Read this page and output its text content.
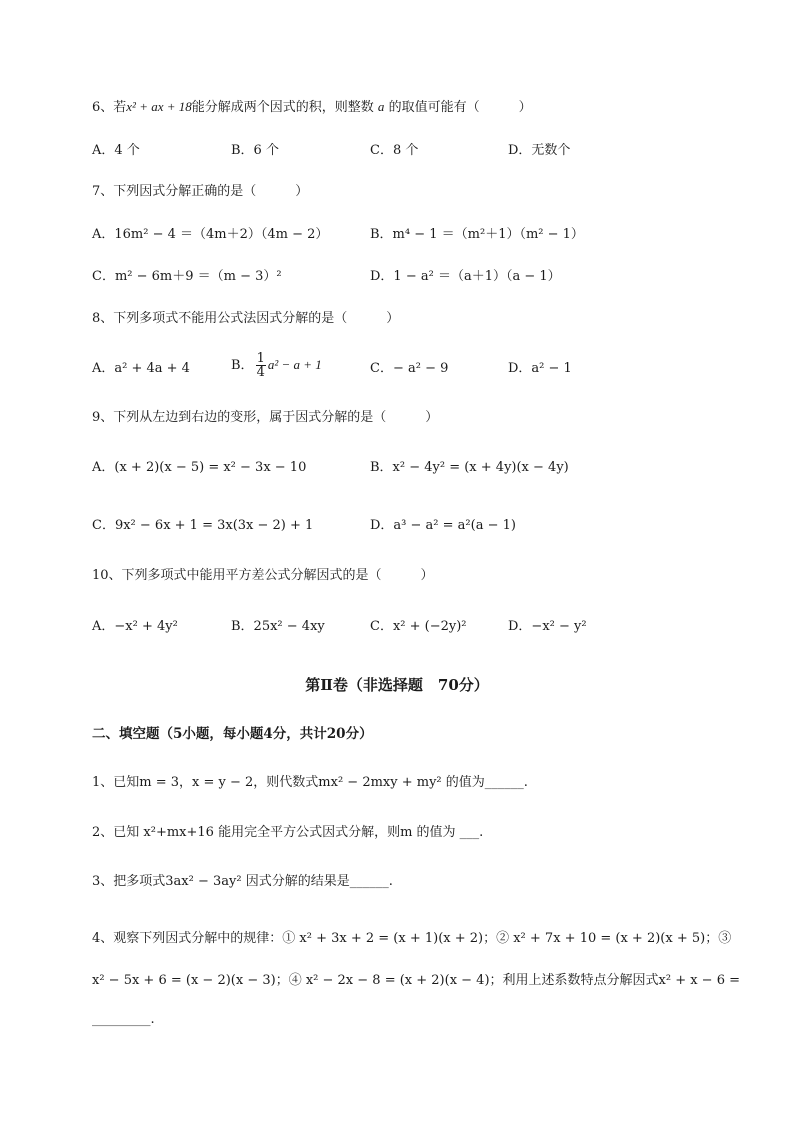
6、若x² + ax + 18能分解成两个因式的积，则整数 a 的取值可能有（　　　）
A．4 个	B．6 个	C．8 个	D．无数个
7、下列因式分解正确的是（　　　）
A．16m² − 4 ＝（4m＋2）（4m − 2）	B．m⁴ − 1 ＝（m²＋1）（m² − 1）
C．m² − 6m＋9 ＝（m − 3）²	D．1 − a² ＝（a＋1）（a − 1）
8、下列多项式不能用公式法因式分解的是（　　　）
A．a² + 4a + 4	B． $\frac{1}{4} a^2 - a + 1$	C．− a² − 9	D．a² − 1
9、下列从左边到右边的变形，属于因式分解的是（　　　）
A．(x + 2)(x − 5) = x² − 3x − 10	B．x² − 4y² = (x + 4y)(x − 4y)
C．9x² − 6x + 1 = 3x(3x − 2) + 1	D．a³ − a² = a²(a − 1)
10、下列多项式中能用平方差公式分解因式的是（　　　）
A．−x² + 4y²	B．25x² − 4xy	C．x² + (−2y)²	D．−x² − y²
第Ⅱ卷（非选择题　70分）
二、填空题（5小题，每小题4分，共计20分）
1、已知m = 3，x = y − 2，则代数式mx² − 2mxy + my² 的值为______.
2、已知 x²+mx+16 能用完全平方公式因式分解，则m 的值为 ___.
3、把多项式3ax² − 3ay² 因式分解的结果是______.
4、观察下列因式分解中的规律：① x² + 3x + 2 = (x + 1)(x + 2)；② x² + 7x + 10 = (x + 2)(x + 5)；③
x² − 5x + 6 = (x − 2)(x − 3)；④ x² − 2x − 8 = (x + 2)(x − 4)；利用上述系数特点分解因式x² + x − 6 =
_________.
